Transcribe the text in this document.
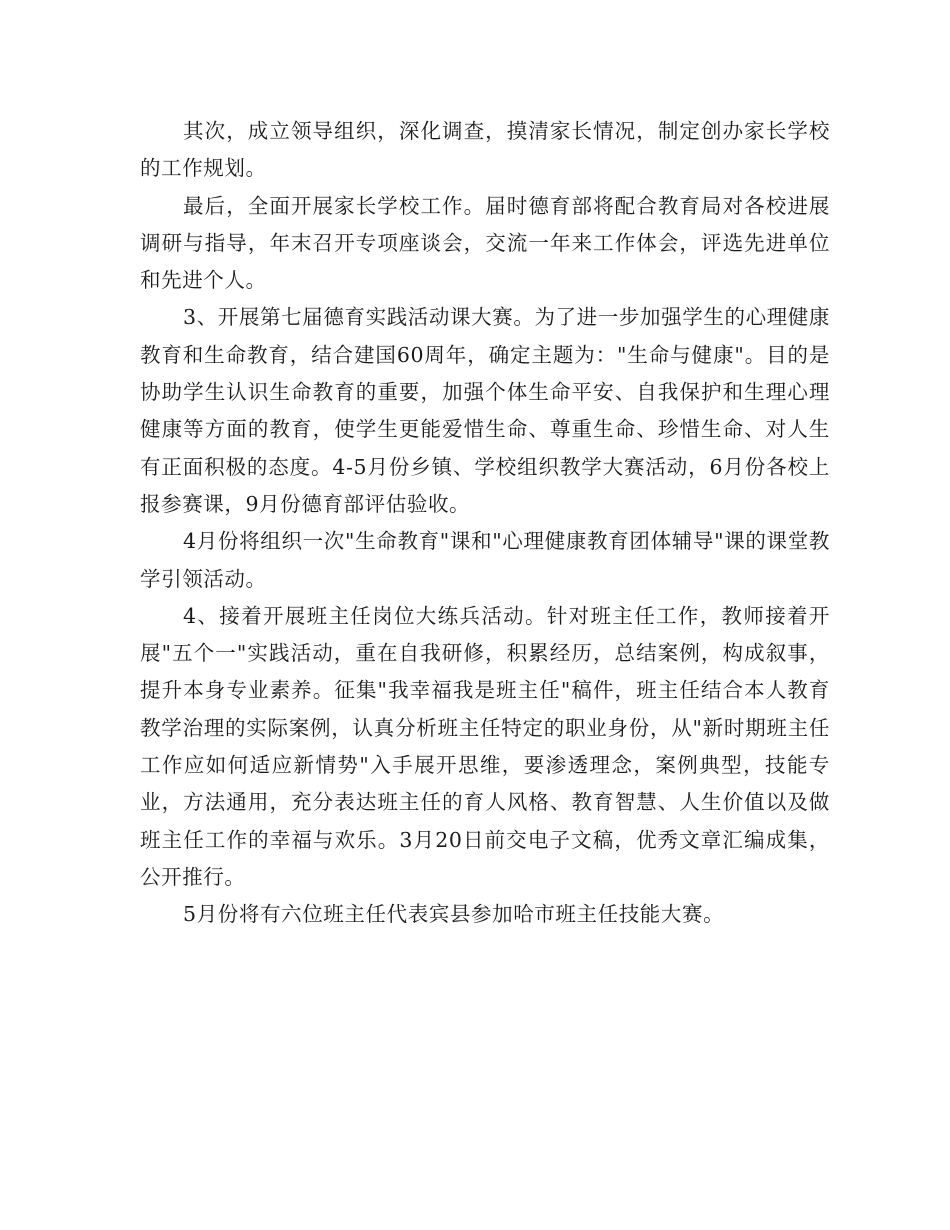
其次，成立领导组织，深化调查，摸清家长情况，制定创办家长学校的工作规划。

最后，全面开展家长学校工作。届时德育部将配合教育局对各校进展调研与指导，年末召开专项座谈会，交流一年来工作体会，评选先进单位和先进个人。

3、开展第七届德育实践活动课大赛。为了进一步加强学生的心理健康教育和生命教育，结合建国60周年，确定主题为："生命与健康"。目的是协助学生认识生命教育的重要，加强个体生命平安、自我保护和生理心理健康等方面的教育，使学生更能爱惜生命、尊重生命、珍惜生命、对人生有正面积极的态度。4-5月份乡镇、学校组织教学大赛活动，6月份各校上报参赛课，9月份德育部评估验收。

4月份将组织一次"生命教育"课和"心理健康教育团体辅导"课的课堂教学引领活动。

4、接着开展班主任岗位大练兵活动。针对班主任工作，教师接着开展"五个一"实践活动，重在自我研修，积累经历，总结案例，构成叙事，提升本身专业素养。征集"我幸福我是班主任"稿件，班主任结合本人教育教学治理的实际案例，认真分析班主任特定的职业身份，从"新时期班主任工作应如何适应新情势"入手展开思维，要渗透理念，案例典型，技能专业，方法通用，充分表达班主任的育人风格、教育智慧、人生价值以及做班主任工作的幸福与欢乐。3月20日前交电子文稿，优秀文章汇编成集，公开推行。

5月份将有六位班主任代表宾县参加哈市班主任技能大赛。
